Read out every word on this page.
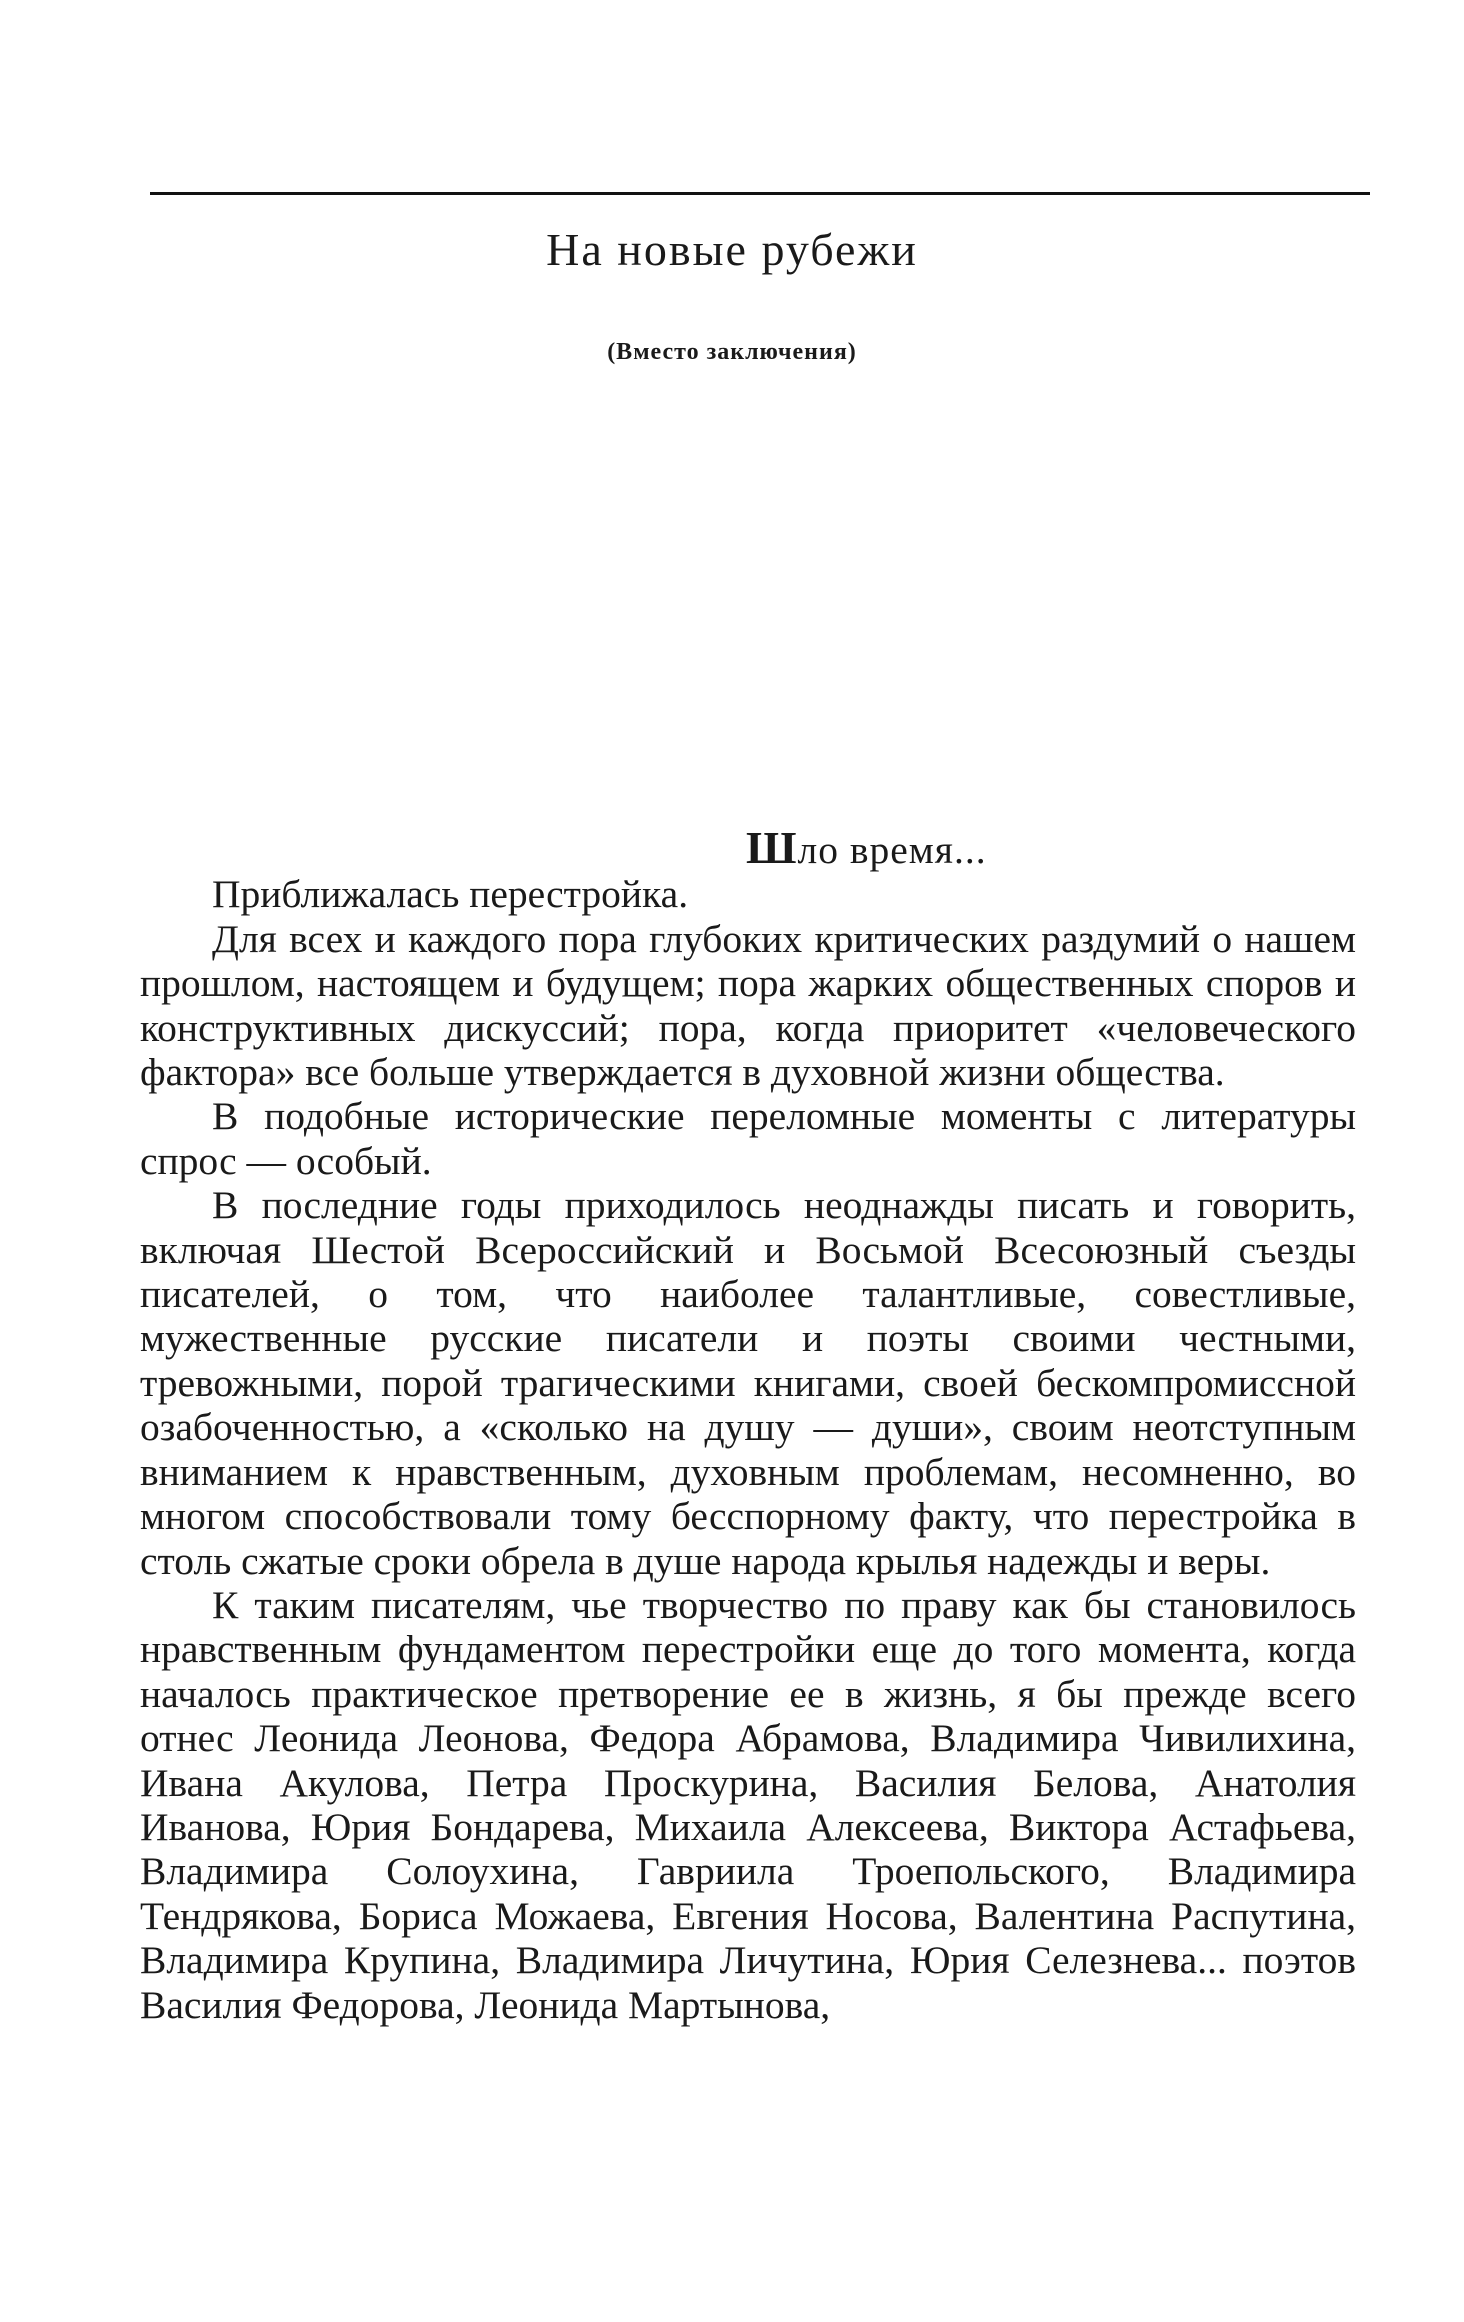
На новые рубежи
(Вместо заключения)

Шло время...

Приближалась перестройка.

Для всех и каждого пора глубоких критических раздумий о нашем прошлом, настоящем и будущем; пора жарких общественных споров и конструктивных дискуссий; пора, когда приоритет «человеческого фактора» все больше утверждается в духовной жизни общества.

В подобные исторические переломные моменты с литературы спрос — особый.

В последние годы приходилось неоднажды писать и говорить, включая Шестой Всероссийский и Восьмой Всесоюзный съезды писателей, о том, что наиболее талантливые, совестливые, мужественные русские писатели и поэты своими честными, тревожными, порой трагическими книгами, своей бескомпромиссной озабоченностью, а «сколько на душу — души», своим неотступным вниманием к нравственным, духовным проблемам, несомненно, во многом способствовали тому бесспорному факту, что перестройка в столь сжатые сроки обрела в душе народа крылья надежды и веры.

К таким писателям, чье творчество по праву как бы становилось нравственным фундаментом перестройки еще до того момента, когда началось практическое претворение ее в жизнь, я бы прежде всего отнес Леонида Леонова, Федора Абрамова, Владимира Чивилихина, Ивана Акулова, Петра Проскурина, Василия Белова, Анатолия Иванова, Юрия Бондарева, Михаила Алексеева, Виктора Астафьева, Владимира Солоухина, Гавриила Троепольского, Владимира Тендрякова, Бориса Можаева, Евгения Носова, Валентина Распутина, Владимира Крупина, Владимира Личутина, Юрия Селезнева... поэтов Василия Федорова, Леонида Мартынова,
